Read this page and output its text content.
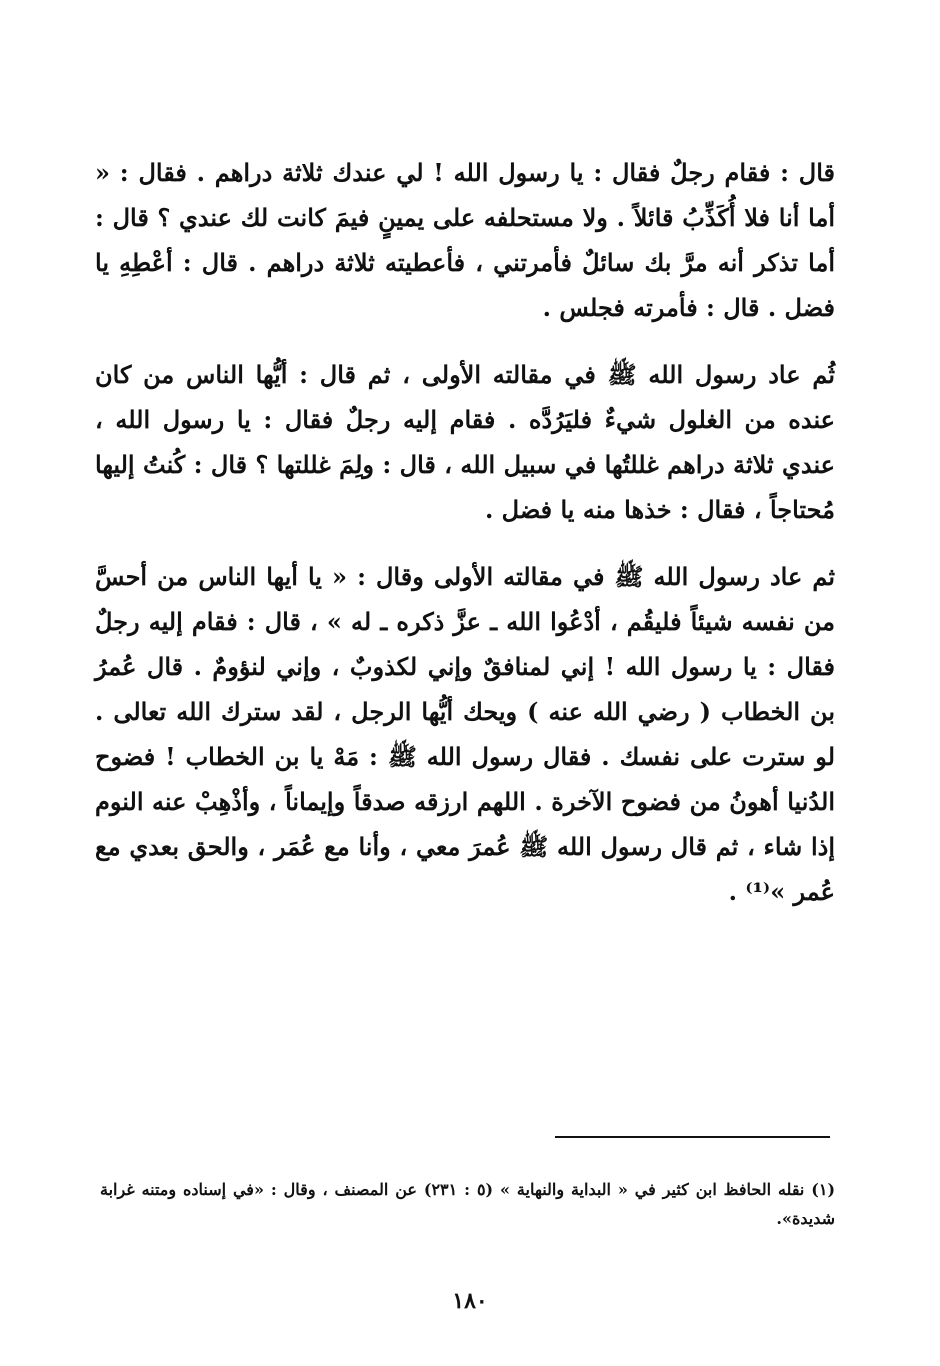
قال : فقام رجلٌ فقال : يا رسول الله ! لي عندك ثلاثة دراهم . فقال : « أما أنا فلا أُكَذِّبُ قائلاً . ولا مستحلفه على يمينٍ فيمَ كانت لك عندي ؟ قال : أما تذكر أنه مرَّ بك سائلٌ فأمرتني ، فأعطيته ثلاثة دراهم . قال : أعْطِهِ يا فضل . قال : فأمرته فجلس .

ثُم عاد رسول الله ﷺ في مقالته الأولى ، ثم قال : أيُّها الناس من كان عنده من الغلول شيءٌ فليَرُدَّه . فقام إليه رجلٌ فقال : يا رسول الله ، عندي ثلاثة دراهم غللتُها في سبيل الله ، قال : ولِمَ غللتها ؟ قال : كُنتُ إليها مُحتاجاً ، فقال : خذها منه يا فضل .

ثم عاد رسول الله ﷺ في مقالته الأولى وقال : « يا أيها الناس من أحسَّ من نفسه شيئاً فليقُم ، أدْعُوا الله ـ عزَّ ذكره ـ له » ، قال : فقام إليه رجلٌ فقال : يا رسول الله ! إني لمنافقٌ وإني لكذوبٌ ، وإني لنؤومٌ . قال عُمرُ بن الخطاب ( رضي الله عنه ) ويحك أيُّها الرجل ، لقد سترك الله تعالى . لو سترت على نفسك . فقال رسول الله ﷺ : مَهْ يا بن الخطاب ! فضوح الدُنيا أهونُ من فضوح الآخرة . اللهم ارزقه صدقاً وإيماناً ، وأذْهِبْ عنه النوم إذا شاء ، ثم قال رسول الله ﷺ عُمرَ معي ، وأنا مع عُمَر ، والحق بعدي مع عُمر »⁽¹⁾ .

(١) نقله الحافظ ابن كثير في « البداية والنهاية » (٥ : ٢٣١) عن المصنف ، وقال : «في إسناده ومتنه غرابة شديدة».

١٨٠
